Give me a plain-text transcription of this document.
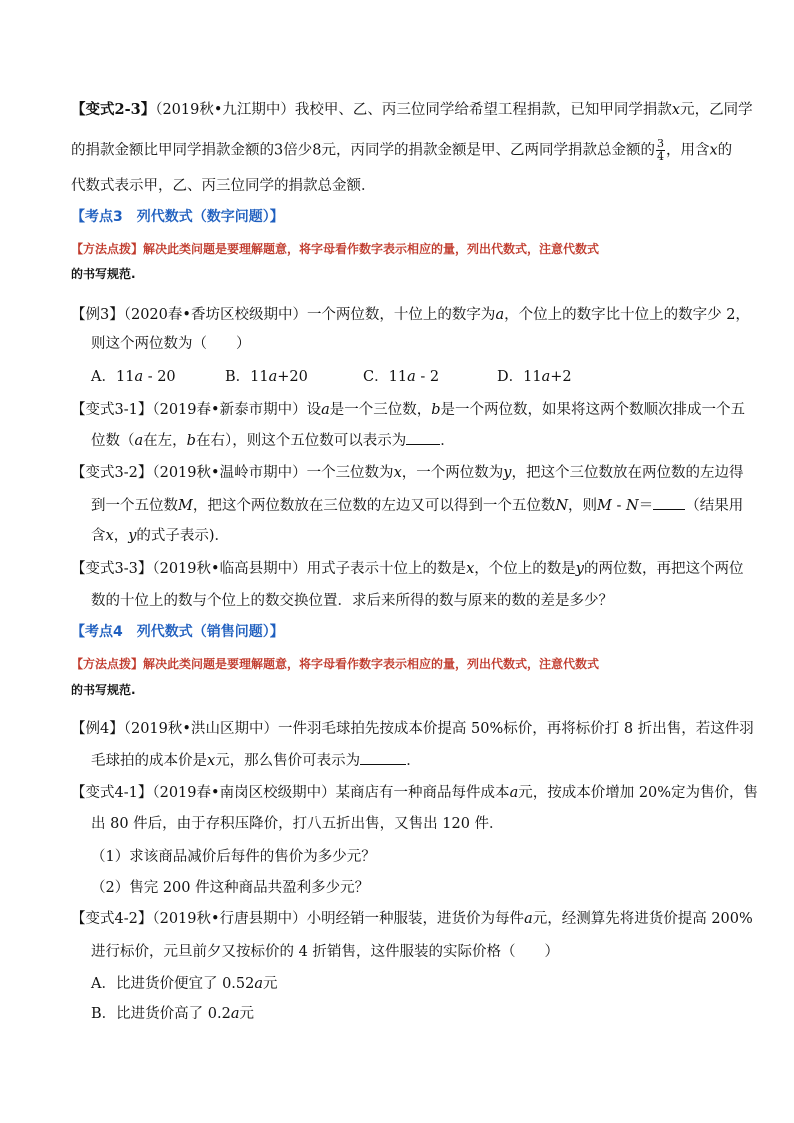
【变式2-3】（2019秋•九江期中）我校甲、乙、丙三位同学给希望工程捐款，已知甲同学捐款x元，乙同学
的捐款金额比甲同学捐款金额的3倍少8元，丙同学的捐款金额是甲、乙两同学捐款总金额的 $\frac{3}{4}$ ，用含x的
代数式表示甲，乙、丙三位同学的捐款总金额．
【考点3　列代数式（数字问题）】
【方法点拨】解决此类问题是要理解题意，将字母看作数字表示相应的量，列出代数式，注意代数式
的书写规范.
【例3】（2020春•香坊区校级期中）一个两位数，十位上的数字为a，个位上的数字比十位上的数字少 2，
则这个两位数为（　　）
A．11a - 20	B．11a+20	C．11a - 2	D．11a+2
【变式3-1】（2019春•新泰市期中）设a是一个三位数，b是一个两位数，如果将这两个数顺次排成一个五
位数（a在左，b在右），则这个五位数可以表示为 ．
【变式3-2】（2019秋•温岭市期中）一个三位数为x，一个两位数为y，把这个三位数放在两位数的左边得
到一个五位数M，把这个两位数放在三位数的左边又可以得到一个五位数N，则M - N＝ （结果用
含x，y的式子表示)．
【变式3-3】（2019秋•临高县期中）用式子表示十位上的数是x，个位上的数是y的两位数，再把这个两位
数的十位上的数与个位上的数交换位置．求后来所得的数与原来的数的差是多少？
【考点4　列代数式（销售问题）】
【方法点拨】解决此类问题是要理解题意，将字母看作数字表示相应的量，列出代数式，注意代数式
的书写规范.
【例4】（2019秋•洪山区期中）一件羽毛球拍先按成本价提高 50%标价，再将标价打 8 折出售，若这件羽
毛球拍的成本价是x元，那么售价可表示为	．
【变式4-1】（2019春•南岗区校级期中）某商店有一种商品每件成本a元，按成本价增加 20%定为售价，售
出 80 件后，由于存积压降价，打八五折出售，又售出 120 件．
（1）求该商品减价后每件的售价为多少元？
（2）售完 200 件这种商品共盈利多少元？
【变式4-2】（2019秋•行唐县期中）小明经销一种服装，进货价为每件a元，经测算先将进货价提高 200%
进行标价，元旦前夕又按标价的 4 折销售，这件服装的实际价格（　　）
A．比进货价便宜了 0.52a元
B．比进货价高了 0.2a元
